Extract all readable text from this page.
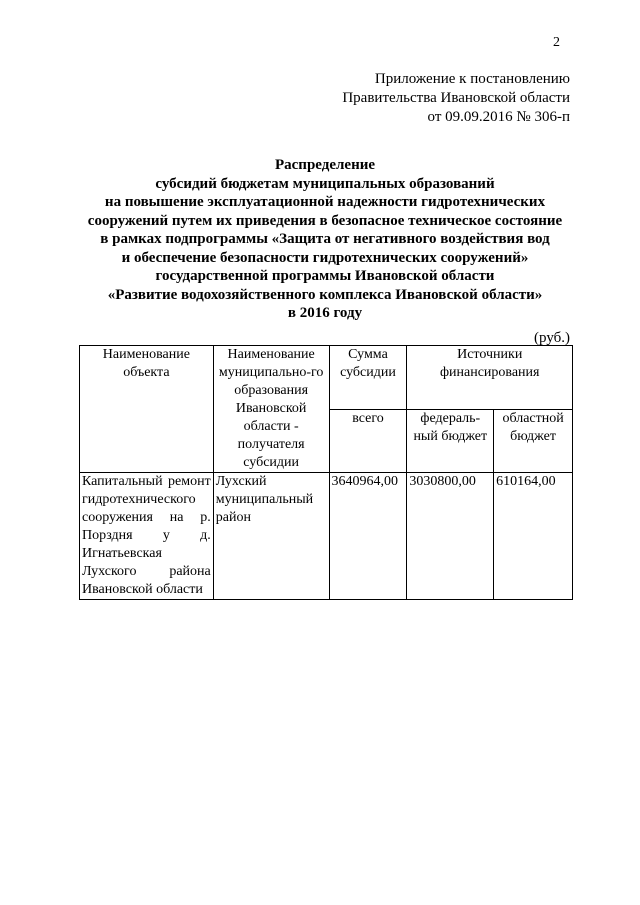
2
Приложение к постановлению
Правительства Ивановской области
от 09.09.2016 № 306-п
Распределение
субсидий бюджетам муниципальных образований
на повышение эксплуатационной надежности гидротехнических
сооружений путем их приведения в безопасное техническое состояние
в рамках подпрограммы «Защита от негативного воздействия вод
и обеспечение безопасности гидротехнических сооружений»
государственной программы Ивановской области
«Развитие водохозяйственного комплекса Ивановской области»
в 2016 году
(руб.)
Наименование объекта	Наименование муниципально-го образования Ивановской области - получателя субсидии	Сумма субсидии	Источники финансирования	
		всего	федераль-ный бюджет	областной бюджет
Капитальный ремонт гидротехнического сооружения на р. Порздня у д. Игнатьевская Лухского района Ивановской области	Лухский муниципальный район	3640964,00	3030800,00	610164,00
